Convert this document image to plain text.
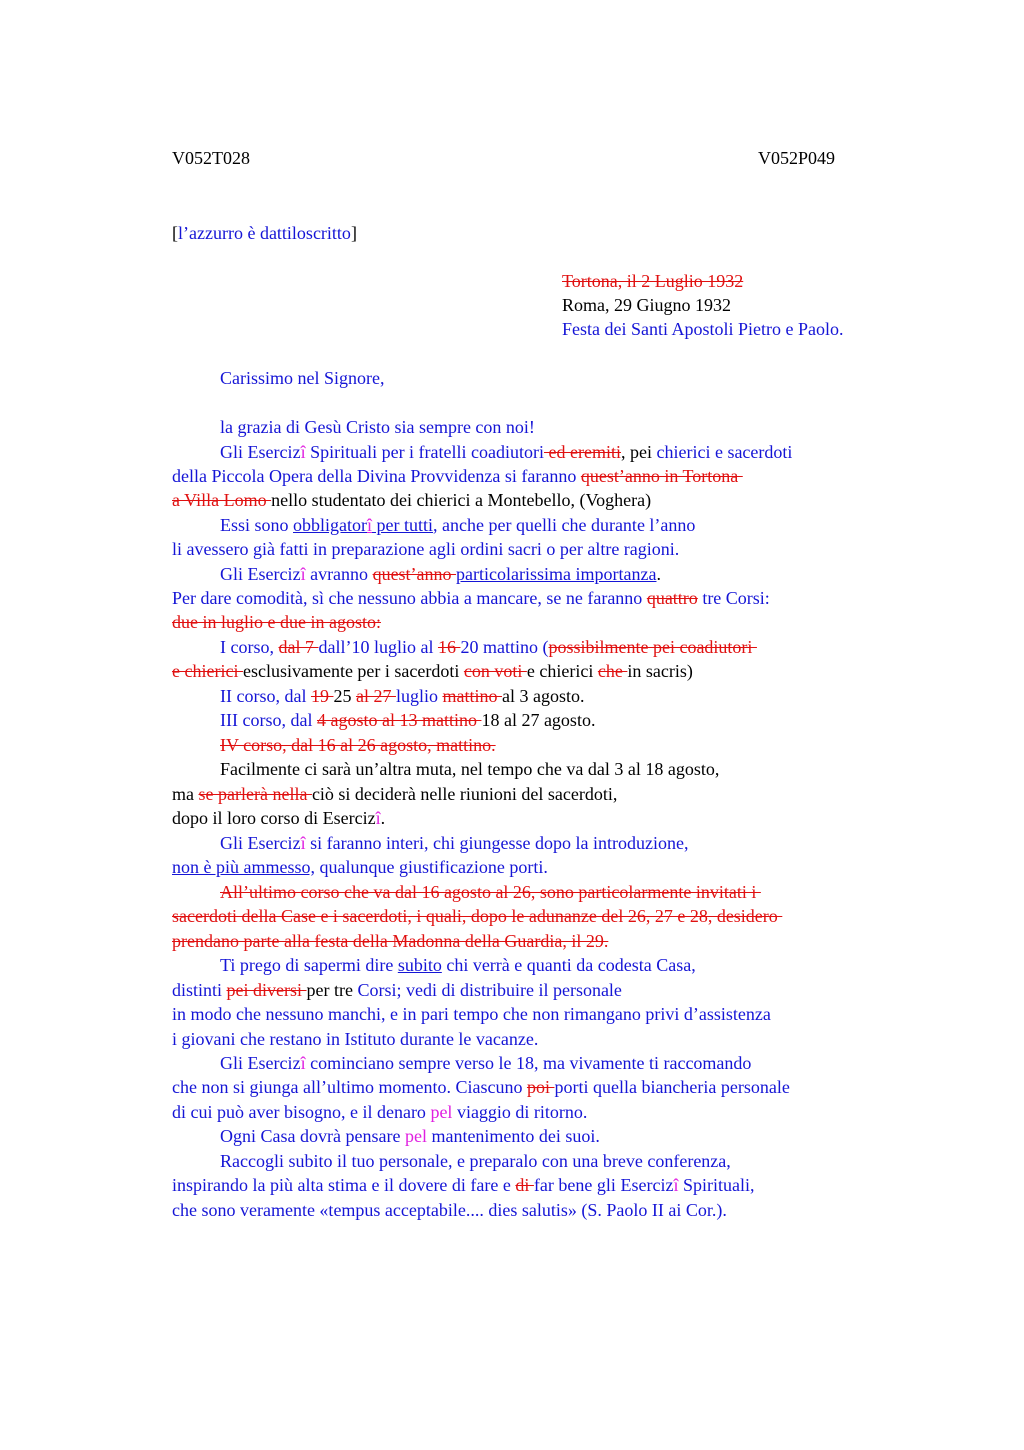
V052T028	V052P049
[l’azzurro è dattiloscritto]
Tortona, il 2 Luglio 1932
Roma, 29 Giugno 1932
Festa dei Santi Apostoli Pietro e Paolo.
Carissimo nel Signore,
la grazia di Gesù Cristo sia sempre con noi!
Gli Esercizî Spirituali per i fratelli coadiutori ed eremiti, pei chierici e sacerdoti
della Piccola Opera della Divina Provvidenza si faranno quest’anno in Tortona
a Villa Lomo nello studentato dei chierici a Montebello, (Voghera)
Essi sono obbligatorî per tutti, anche per quelli che durante l’anno
li avessero già fatti in preparazione agli ordini sacri o per altre ragioni.
Gli Esercizî avranno quest’anno particolarissima importanza.
Per dare comodità, sì che nessuno abbia a mancare, se ne faranno quattro tre Corsi:
due in luglio e due in agosto:
I corso, dal 7 dall’10 luglio al 16 20 mattino (possibilmente pei coadiutori
e chierici esclusivamente per i sacerdoti con voti e chierici che in sacris)
II corso, dal 19 25 al 27 luglio mattino al 3 agosto.
III corso, dal 4 agosto al 13 mattino 18 al 27 agosto.
IV corso, dal 16 al 26 agosto, mattino.
Facilmente ci sarà un’altra muta, nel tempo che va dal 3 al 18 agosto,
ma se parlerà nella ciò si deciderà nelle riunioni del sacerdoti,
dopo il loro corso di Esercizî.
Gli Esercizî si faranno interi, chi giungesse dopo la introduzione,
non è più ammesso, qualunque giustificazione porti.
All’ultimo corso che va dal 16 agosto al 26, sono particolarmente invitati i
sacerdoti della Case e i sacerdoti, i quali, dopo le adunanze del 26, 27 e 28, desidero
prendano parte alla festa della Madonna della Guardia, il 29.
Ti prego di sapermi dire subito chi verrà e quanti da codesta Casa,
distinti pei diversi per tre Corsi; vedi di distribuire il personale
in modo che nessuno manchi, e in pari tempo che non rimangano privi d’assistenza
i giovani che restano in Istituto durante le vacanze.
Gli Esercizî cominciano sempre verso le 18, ma vivamente ti raccomando
che non si giunga all’ultimo momento. Ciascuno poi porti quella biancheria personale
di cui può aver bisogno, e il denaro pel viaggio di ritorno.
Ogni Casa dovrà pensare pel mantenimento dei suoi.
Raccogli subito il tuo personale, e preparalo con una breve conferenza,
inspirando la più alta stima e il dovere di fare e di far bene gli Esercizî Spirituali,
che sono veramente «tempus acceptabile.... dies salutis» (S. Paolo II ai Cor.).
